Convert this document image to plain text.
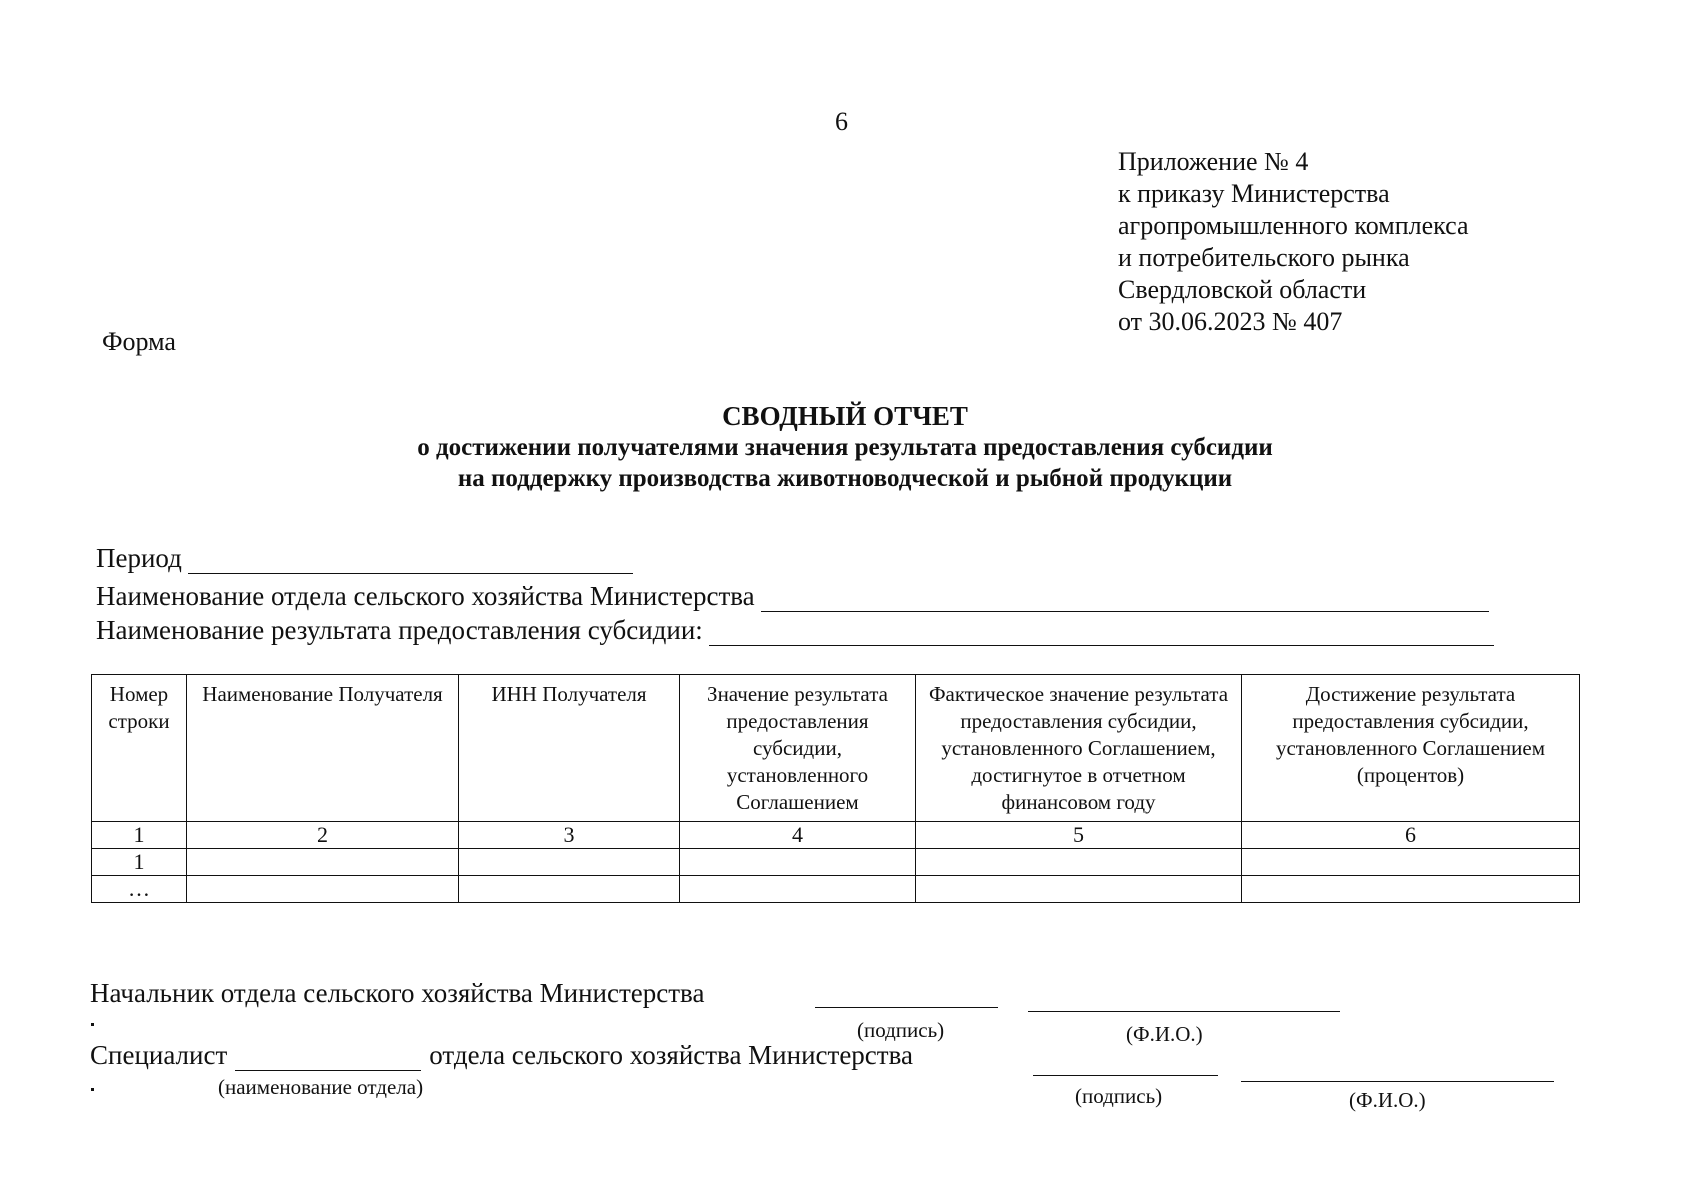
6
Приложение № 4
к приказу Министерства
агропромышленного комплекса
и потребительского рынка
Свердловской области
от 30.06.2023 № 407
Форма
СВОДНЫЙ ОТЧЕТ
о достижении получателями значения результата предоставления субсидии
на поддержку производства животноводческой и рыбной продукции
Период
Наименование отдела сельского хозяйства Министерства
Наименование результата предоставления субсидии:
Номер строки	Наименование Получателя	ИНН Получателя	Значение результата предоставления субсидии, установленного Соглашением	Фактическое значение результата предоставления субсидии, установленного Соглашением, достигнутое в отчетном финансовом году	Достижение результата предоставления субсидии, установленного Соглашением (процентов)
1	2	3	4	5	6
1					
…					
Начальник отдела сельского хозяйства Министерства
(подпись)	(Ф.И.О.)
Специалист	отдела сельского хозяйства Министерства
(наименование отдела)	(подпись)	(Ф.И.О.)
